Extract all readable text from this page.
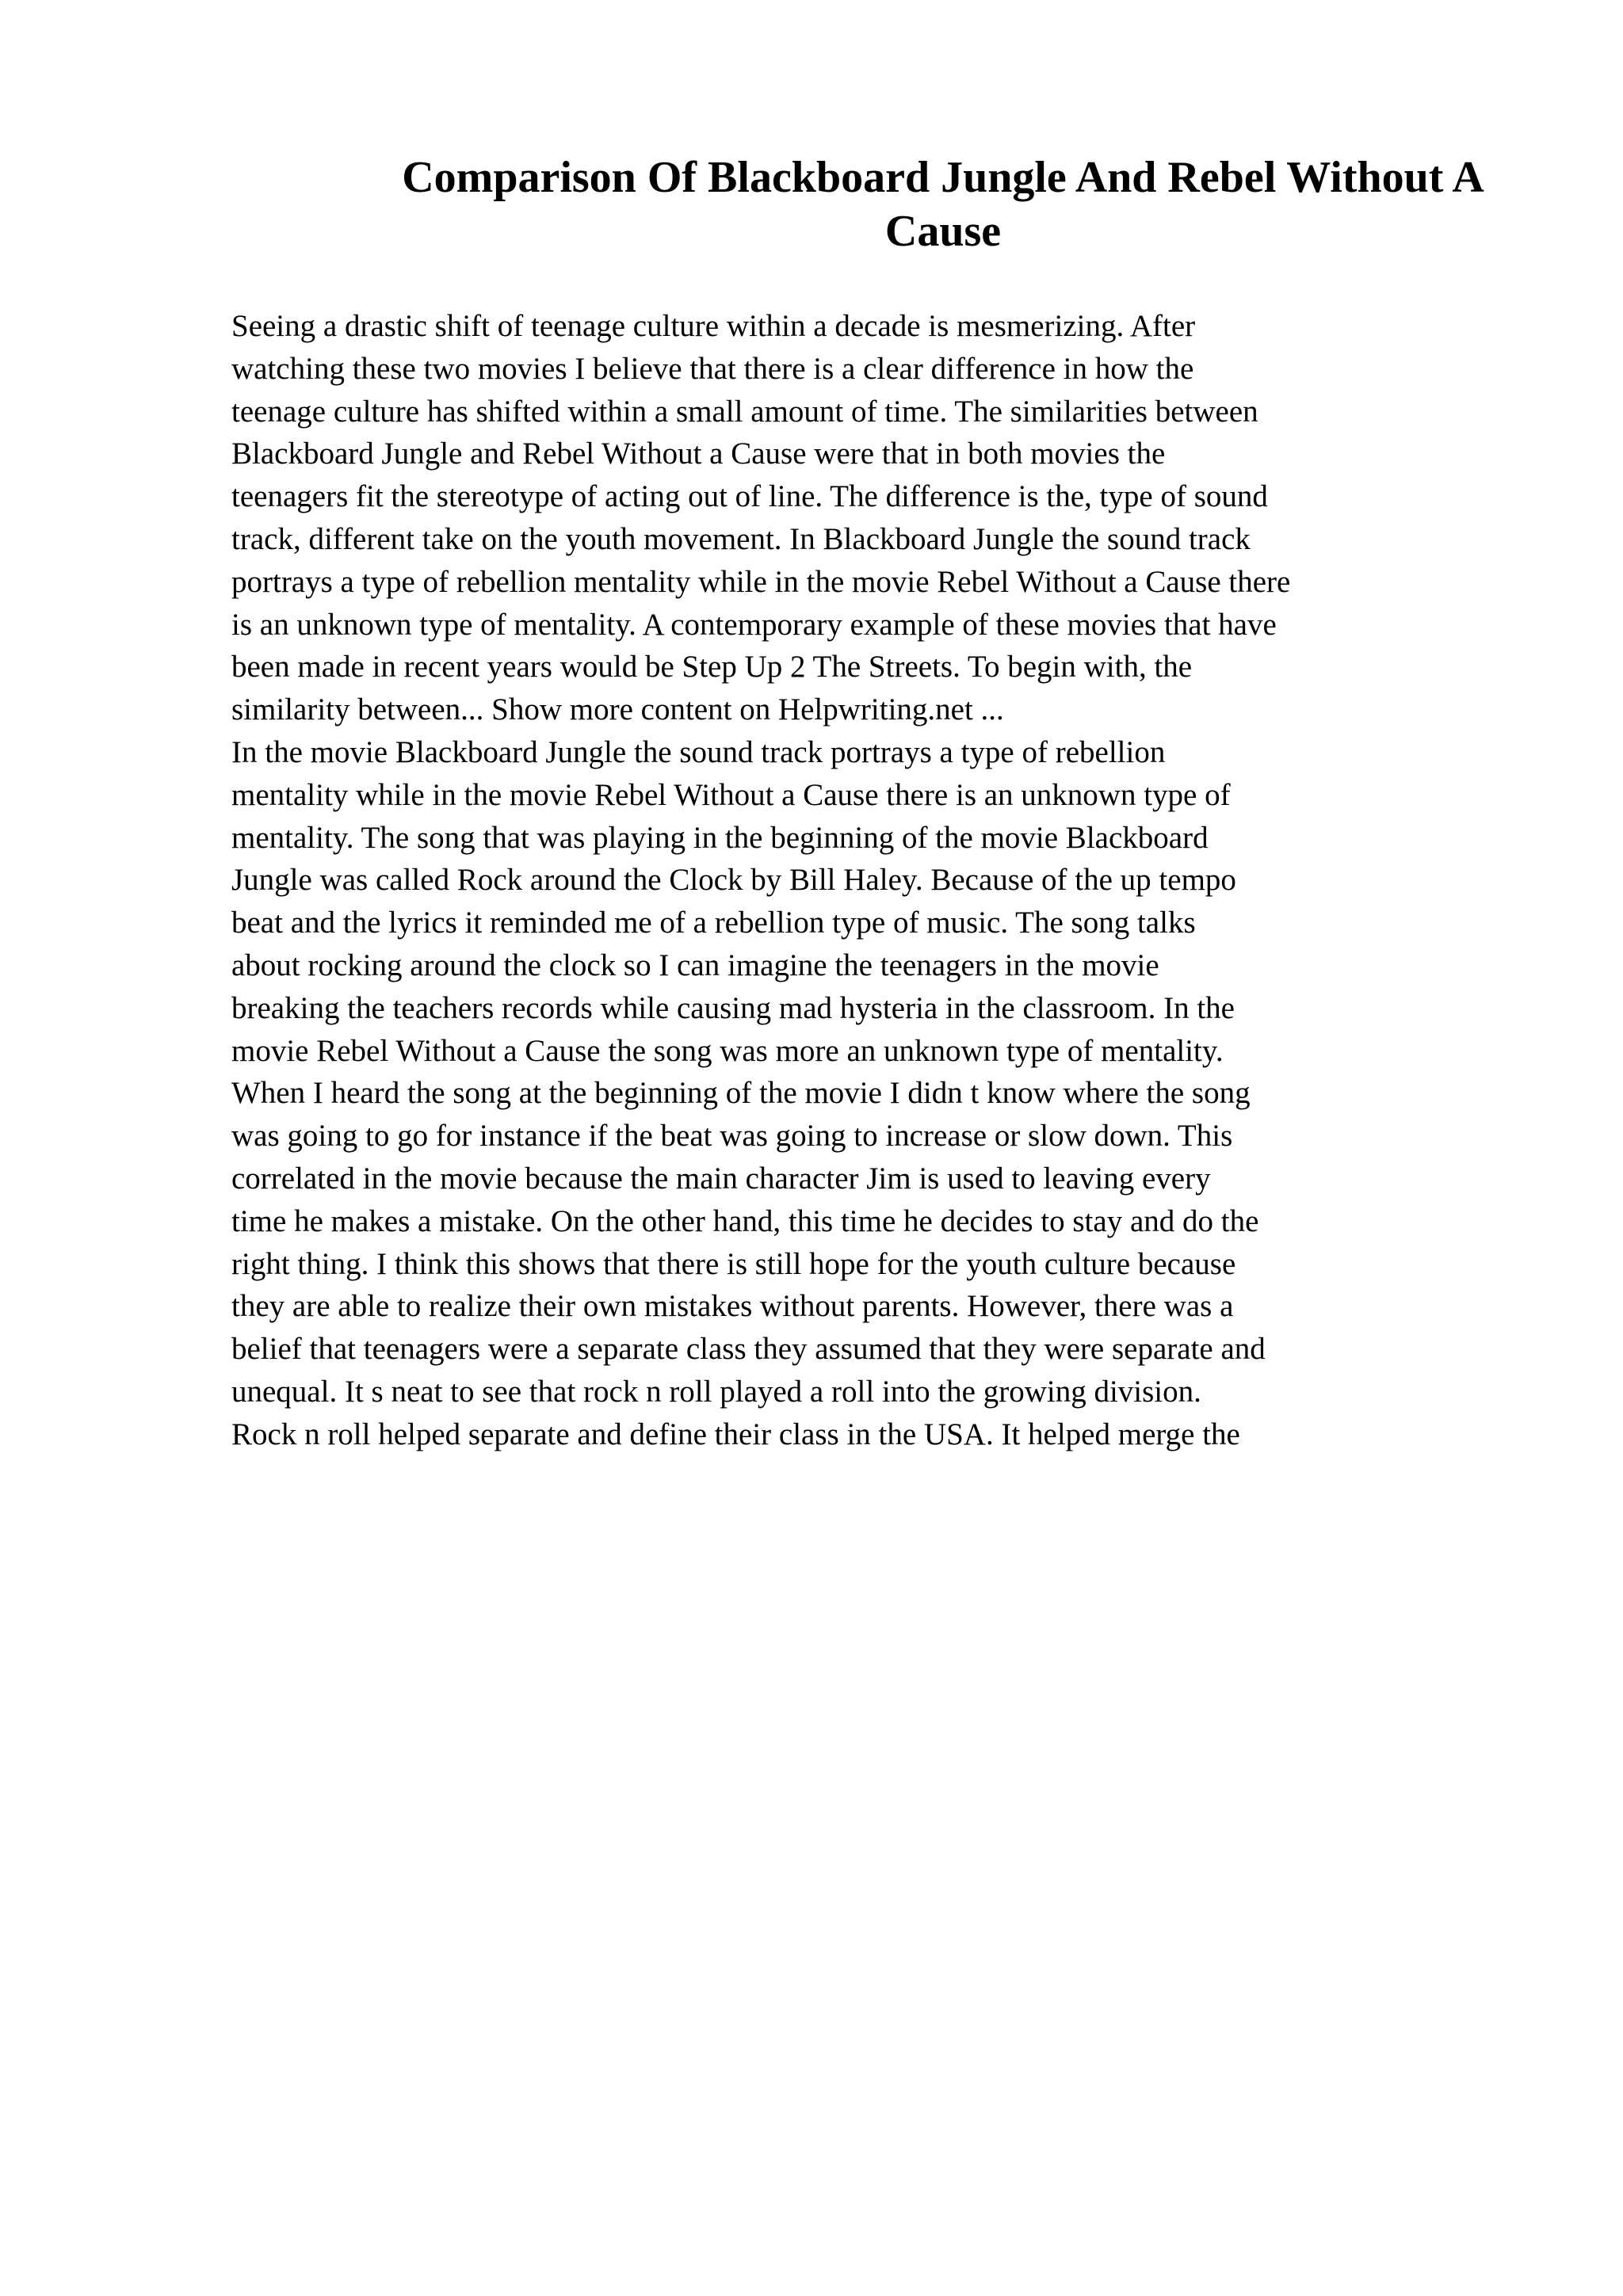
Comparison Of Blackboard Jungle And Rebel Without A
Cause
Seeing a drastic shift of teenage culture within a decade is mesmerizing. After
watching these two movies I believe that there is a clear difference in how the
teenage culture has shifted within a small amount of time. The similarities between
Blackboard Jungle and Rebel Without a Cause were that in both movies the
teenagers fit the stereotype of acting out of line. The difference is the, type of sound
track, different take on the youth movement. In Blackboard Jungle the sound track
portrays a type of rebellion mentality while in the movie Rebel Without a Cause there
is an unknown type of mentality. A contemporary example of these movies that have
been made in recent years would be Step Up 2 The Streets. To begin with, the
similarity between... Show more content on Helpwriting.net ...
In the movie Blackboard Jungle the sound track portrays a type of rebellion
mentality while in the movie Rebel Without a Cause there is an unknown type of
mentality. The song that was playing in the beginning of the movie Blackboard
Jungle was called Rock around the Clock by Bill Haley. Because of the up tempo
beat and the lyrics it reminded me of a rebellion type of music. The song talks
about rocking around the clock so I can imagine the teenagers in the movie
breaking the teachers records while causing mad hysteria in the classroom. In the
movie Rebel Without a Cause the song was more an unknown type of mentality.
When I heard the song at the beginning of the movie I didn t know where the song
was going to go for instance if the beat was going to increase or slow down. This
correlated in the movie because the main character Jim is used to leaving every
time he makes a mistake. On the other hand, this time he decides to stay and do the
right thing. I think this shows that there is still hope for the youth culture because
they are able to realize their own mistakes without parents. However, there was a
belief that teenagers were a separate class they assumed that they were separate and
unequal. It s neat to see that rock n roll played a roll into the growing division.
Rock n roll helped separate and define their class in the USA. It helped merge the
